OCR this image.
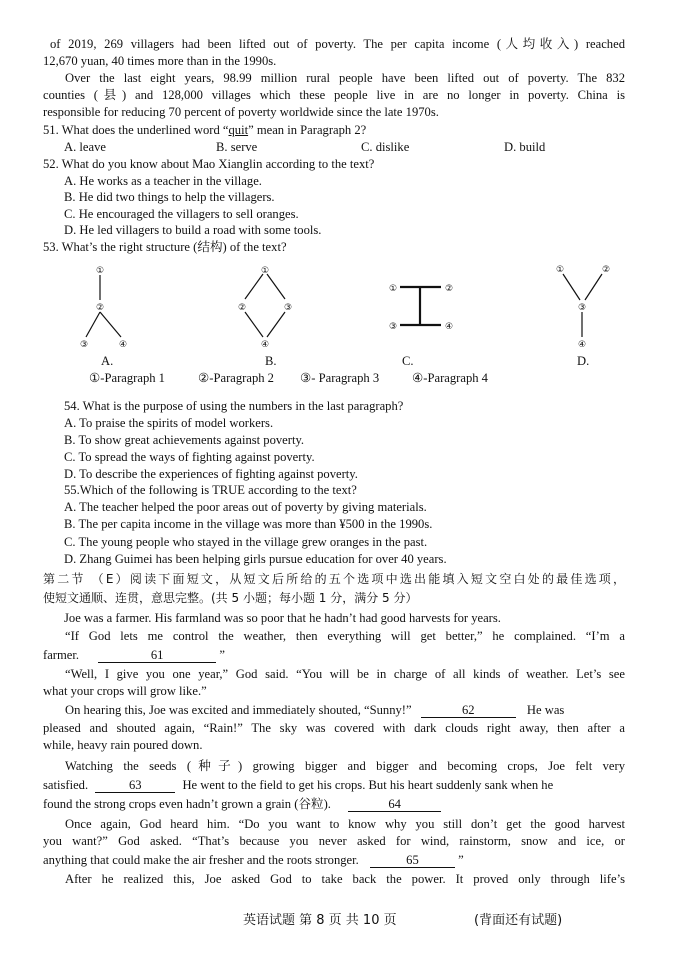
of 2019, 269 villagers had been lifted out of poverty. The per capita income (人均收入) reached
12,670 yuan, 40 times more than in the 1990s.
Over the last eight years, 98.99 million rural people have been lifted out of poverty. The 832
counties (县) and 128,000 villages which these people live in are no longer in poverty. China is
responsible for reducing 70 percent of poverty worldwide since the late 1970s.
51. What does the underlined word “quit” mean in Paragraph 2?
A. leave	B. serve	C. dislike	D. build
52. What do you know about Mao Xianglin according to the text?
A. He works as a teacher in the village.
B. He did two things to help the villagers.
C. He encouraged the villagers to sell oranges.
D. He led villagers to build a road with some tools.
53. What’s the right structure (结构) of the text?
①
②
③	④
①
②	③
④
①	②
③	④
①	②
③
④
A.	B.	C.	D.
①-Paragraph 1	②-Paragraph 2 ③- Paragraph 3	④-Paragraph 4
54. What is the purpose of using the numbers in the last paragraph?
A. To praise the spirits of model workers.
B. To show great achievements against poverty.
C. To spread the ways of fighting against poverty.
D. To describe the experiences of fighting against poverty.
55.Which of the following is TRUE according to the text?
A. The teacher helped the poor areas out of poverty by giving materials.
B. The per capita income in the village was more than ¥500 in the 1990s.
C. The young people who stayed in the village grew oranges in the past.
D. Zhang Guimei has been helping girls pursue education for over 40 years.
第二节 （E）阅读下面短文，从短文后所给的五个选项中选出能填入短文空白处的最佳选项，
使短文通顺、连贯，意思完整。(共 5 小题；每小题 1 分，满分 5 分）
Joe was a farmer. His farmland was so poor that he hadn’t had good harvests for years.
“If God lets me control the weather, then everything will get better,” he complained. “I’m a
farmer.	61	”
“Well, I give you one year,” God said. “You will be in charge of all kinds of weather. Let’s see
what your crops will grow like.”
On hearing this, Joe was excited and immediately shouted, “Sunny!”	62	He was
pleased and shouted again, “Rain!” The sky was covered with dark clouds right away, then after a
while, heavy rain poured down.
Watching the seeds (种子) growing bigger and bigger and becoming crops, Joe felt very
satisfied.	63	He went to the field to get his crops. But his heart suddenly sank when he
found the strong crops even hadn’t grown a grain (谷粒).	64
Once again, God heard him. “Do you want to know why you still don’t get the good harvest
you want?” God asked. “That’s because you never asked for wind, rainstorm, snow and ice, or
anything that could make the air fresher and the roots stronger.	65	”
After he realized this, Joe asked God to take back the power. It proved only through life’s
英语试题 第 8 页 共 10 页	(背面还有试题)
